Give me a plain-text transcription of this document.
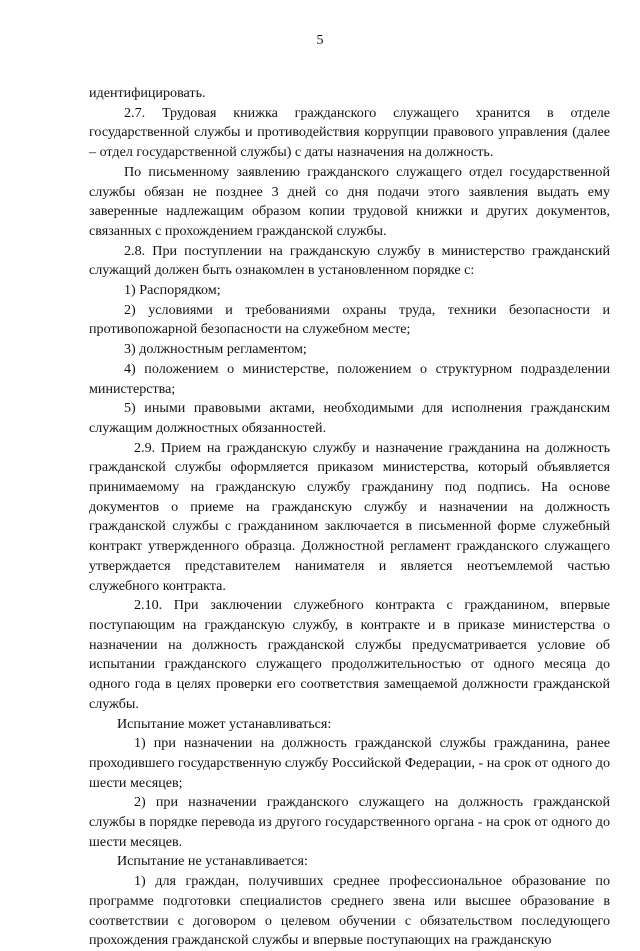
5

идентифицировать.

2.7. Трудовая книжка гражданского служащего хранится в отделе государственной службы и противодействия коррупции правового управления (далее – отдел государственной службы) с даты назначения на должность.

По письменному заявлению гражданского служащего отдел государственной службы обязан не позднее 3 дней со дня подачи этого заявления выдать ему заверенные надлежащим образом копии трудовой книжки и других документов, связанных с прохождением гражданской службы.

2.8. При поступлении на гражданскую службу в министерство гражданский служащий должен быть ознакомлен в установленном порядке с:

1) Распорядком;

2) условиями и требованиями охраны труда, техники безопасности и противопожарной безопасности на служебном месте;

3) должностным регламентом;

4) положением о министерстве, положением о структурном подразделении министерства;

5) иными правовыми актами, необходимыми для исполнения гражданским служащим должностных обязанностей.

2.9. Прием на гражданскую службу и назначение гражданина на должность гражданской службы оформляется приказом министерства, который объявляется принимаемому на гражданскую службу гражданину под подпись. На основе документов о приеме на гражданскую службу и назначении на должность гражданской службы с гражданином заключается в письменной форме служебный контракт утвержденного образца. Должностной регламент гражданского служащего утверждается представителем нанимателя и является неотъемлемой частью служебного контракта.

2.10. При заключении служебного контракта с гражданином, впервые поступающим на гражданскую службу, в контракте и в приказе министерства о назначении на должность гражданской службы предусматривается условие об испытании гражданского служащего продолжительностью от одного месяца до одного года в целях проверки его соответствия замещаемой должности гражданской службы.

Испытание может устанавливаться:

1) при назначении на должность гражданской службы гражданина, ранее проходившего государственную службу Российской Федерации, - на срок от одного до шести месяцев;

2) при назначении гражданского служащего на должность гражданской службы в порядке перевода из другого государственного органа - на срок от одного до шести месяцев.

Испытание не устанавливается:

1) для граждан, получивших среднее профессиональное образование по программе подготовки специалистов среднего звена или высшее образование в соответствии с договором о целевом обучении с обязательством последующего прохождения гражданской службы и впервые поступающих на гражданскую
